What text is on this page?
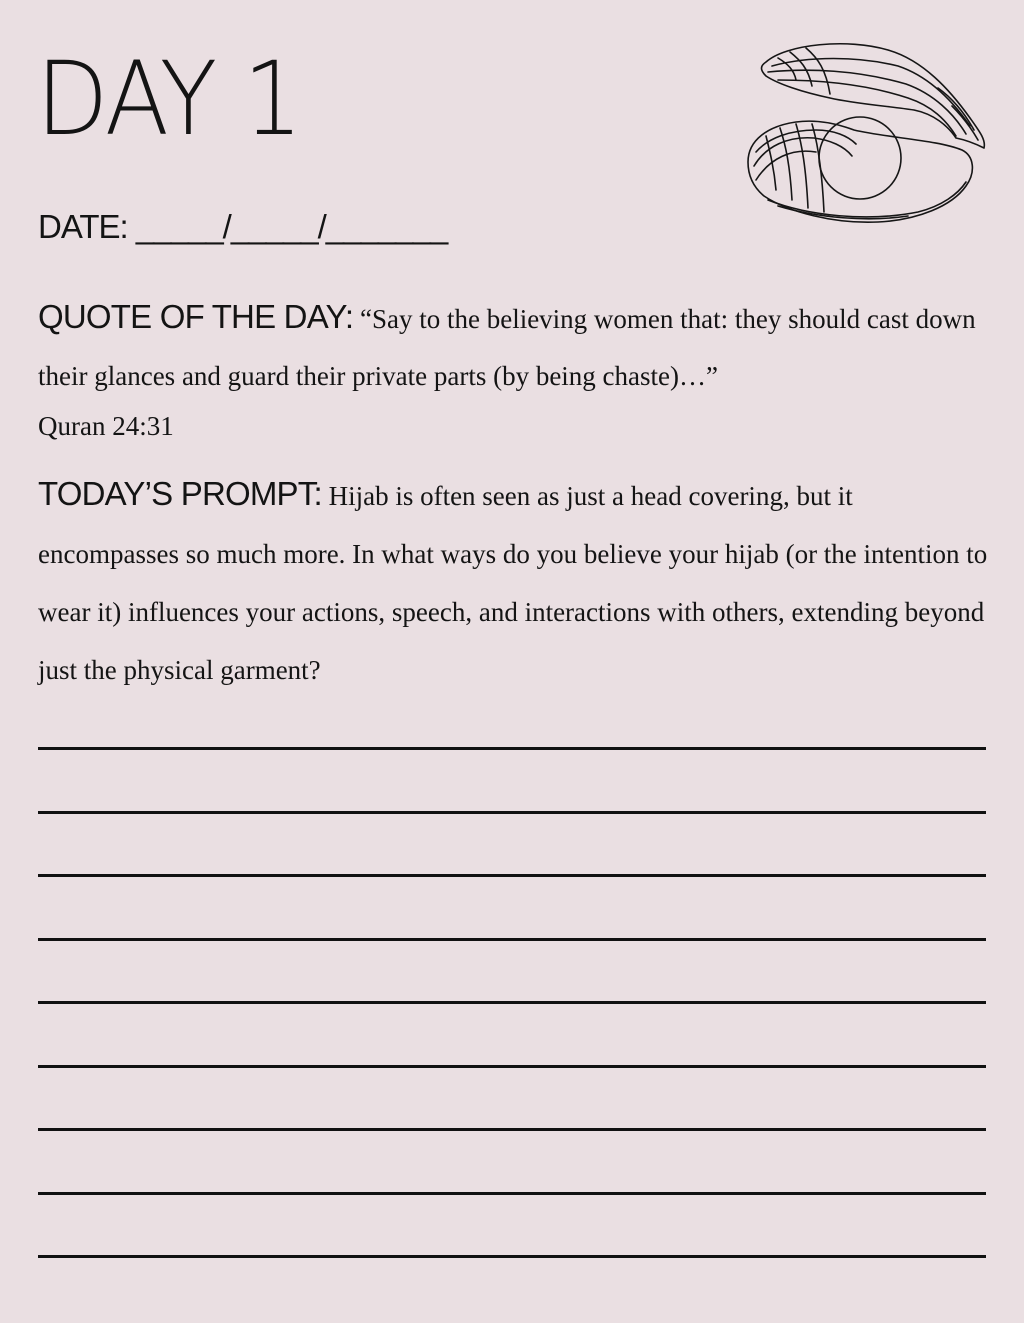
DAY 1
DATE: _____/_____/_______
QUOTE OF THE DAY: “Say to the believing women that: they should cast down their glances and guard their private parts (by being chaste)…”
Quran 24:31
TODAY’S PROMPT: Hijab is often seen as just a head covering, but it encompasses so much more. In what ways do you believe your hijab (or the intention to wear it) influences your actions, speech, and interactions with others, extending beyond just the physical garment?
